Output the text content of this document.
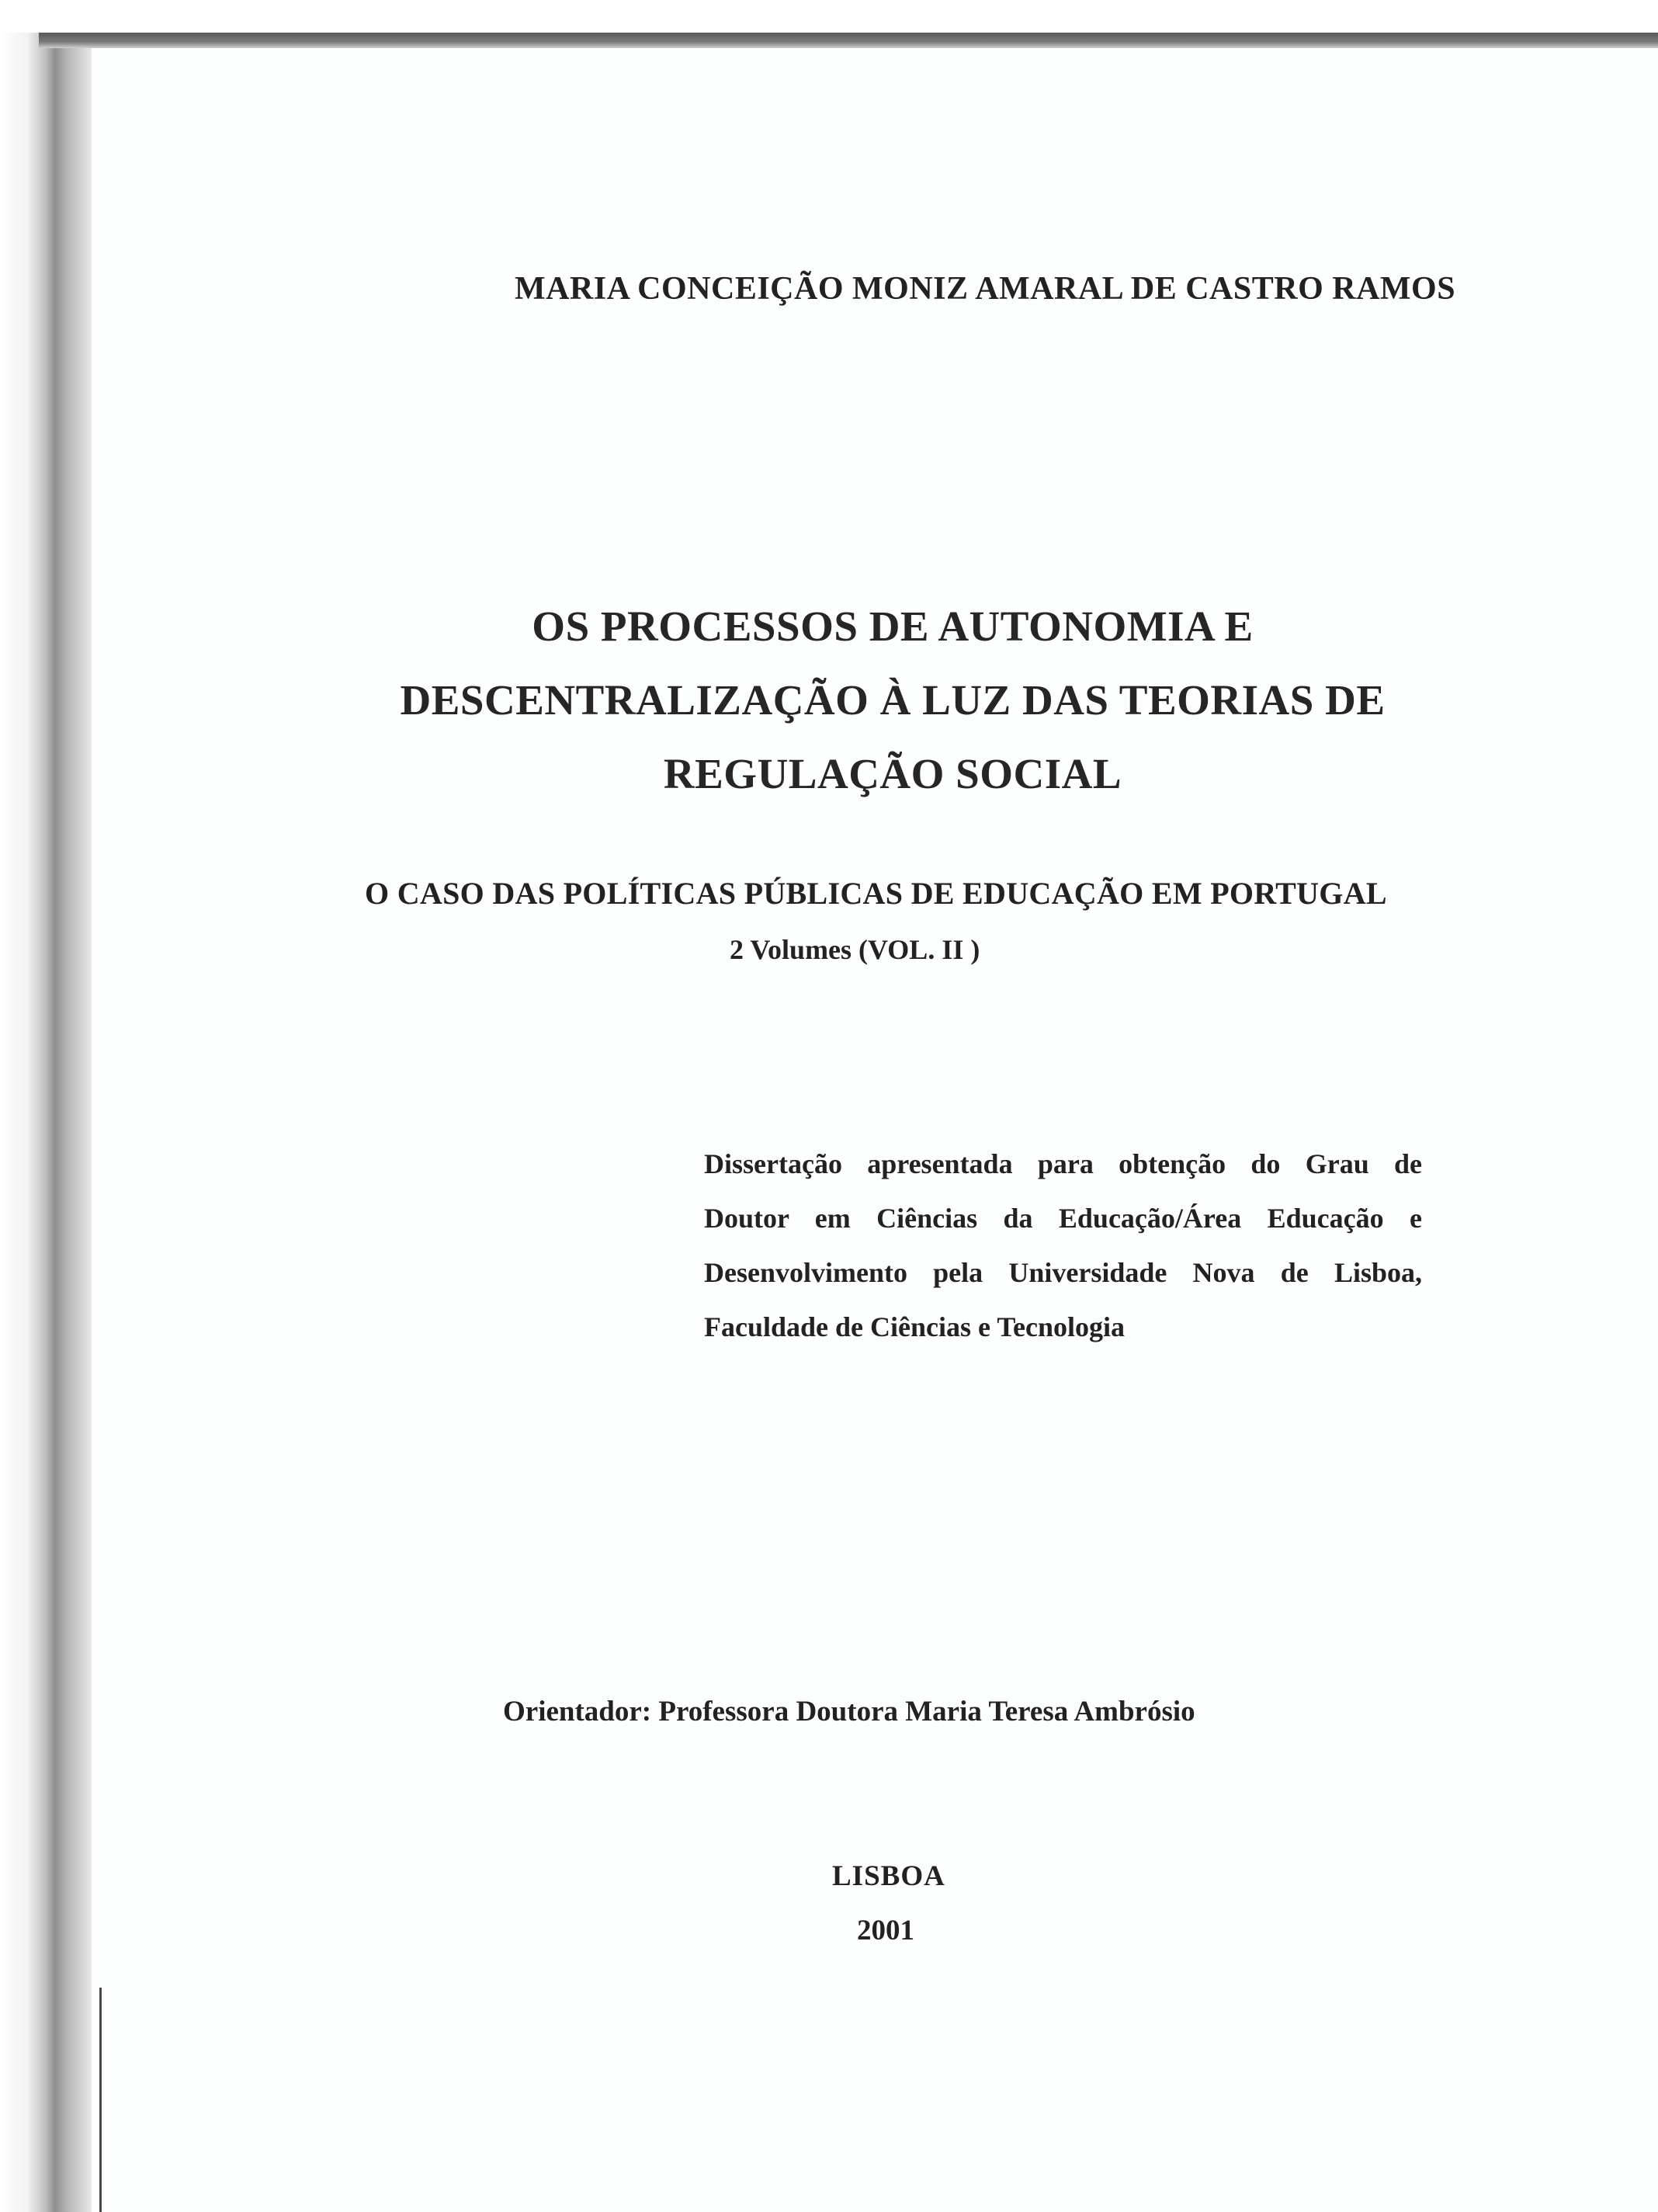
MARIA CONCEIÇÃO MONIZ AMARAL DE CASTRO RAMOS
OS PROCESSOS DE AUTONOMIA E
DESCENTRALIZAÇÃO À LUZ DAS TEORIAS DE
REGULAÇÃO SOCIAL
O CASO DAS POLÍTICAS PÚBLICAS DE EDUCAÇÃO EM PORTUGAL
2 Volumes (VOL. II )
Dissertação apresentada para obtenção do Grau de
Doutor em Ciências da Educação/Área Educação e
Desenvolvimento pela Universidade Nova de Lisboa,
Faculdade de Ciências e Tecnologia
Orientador: Professora Doutora Maria Teresa Ambrósio
LISBOA
2001
